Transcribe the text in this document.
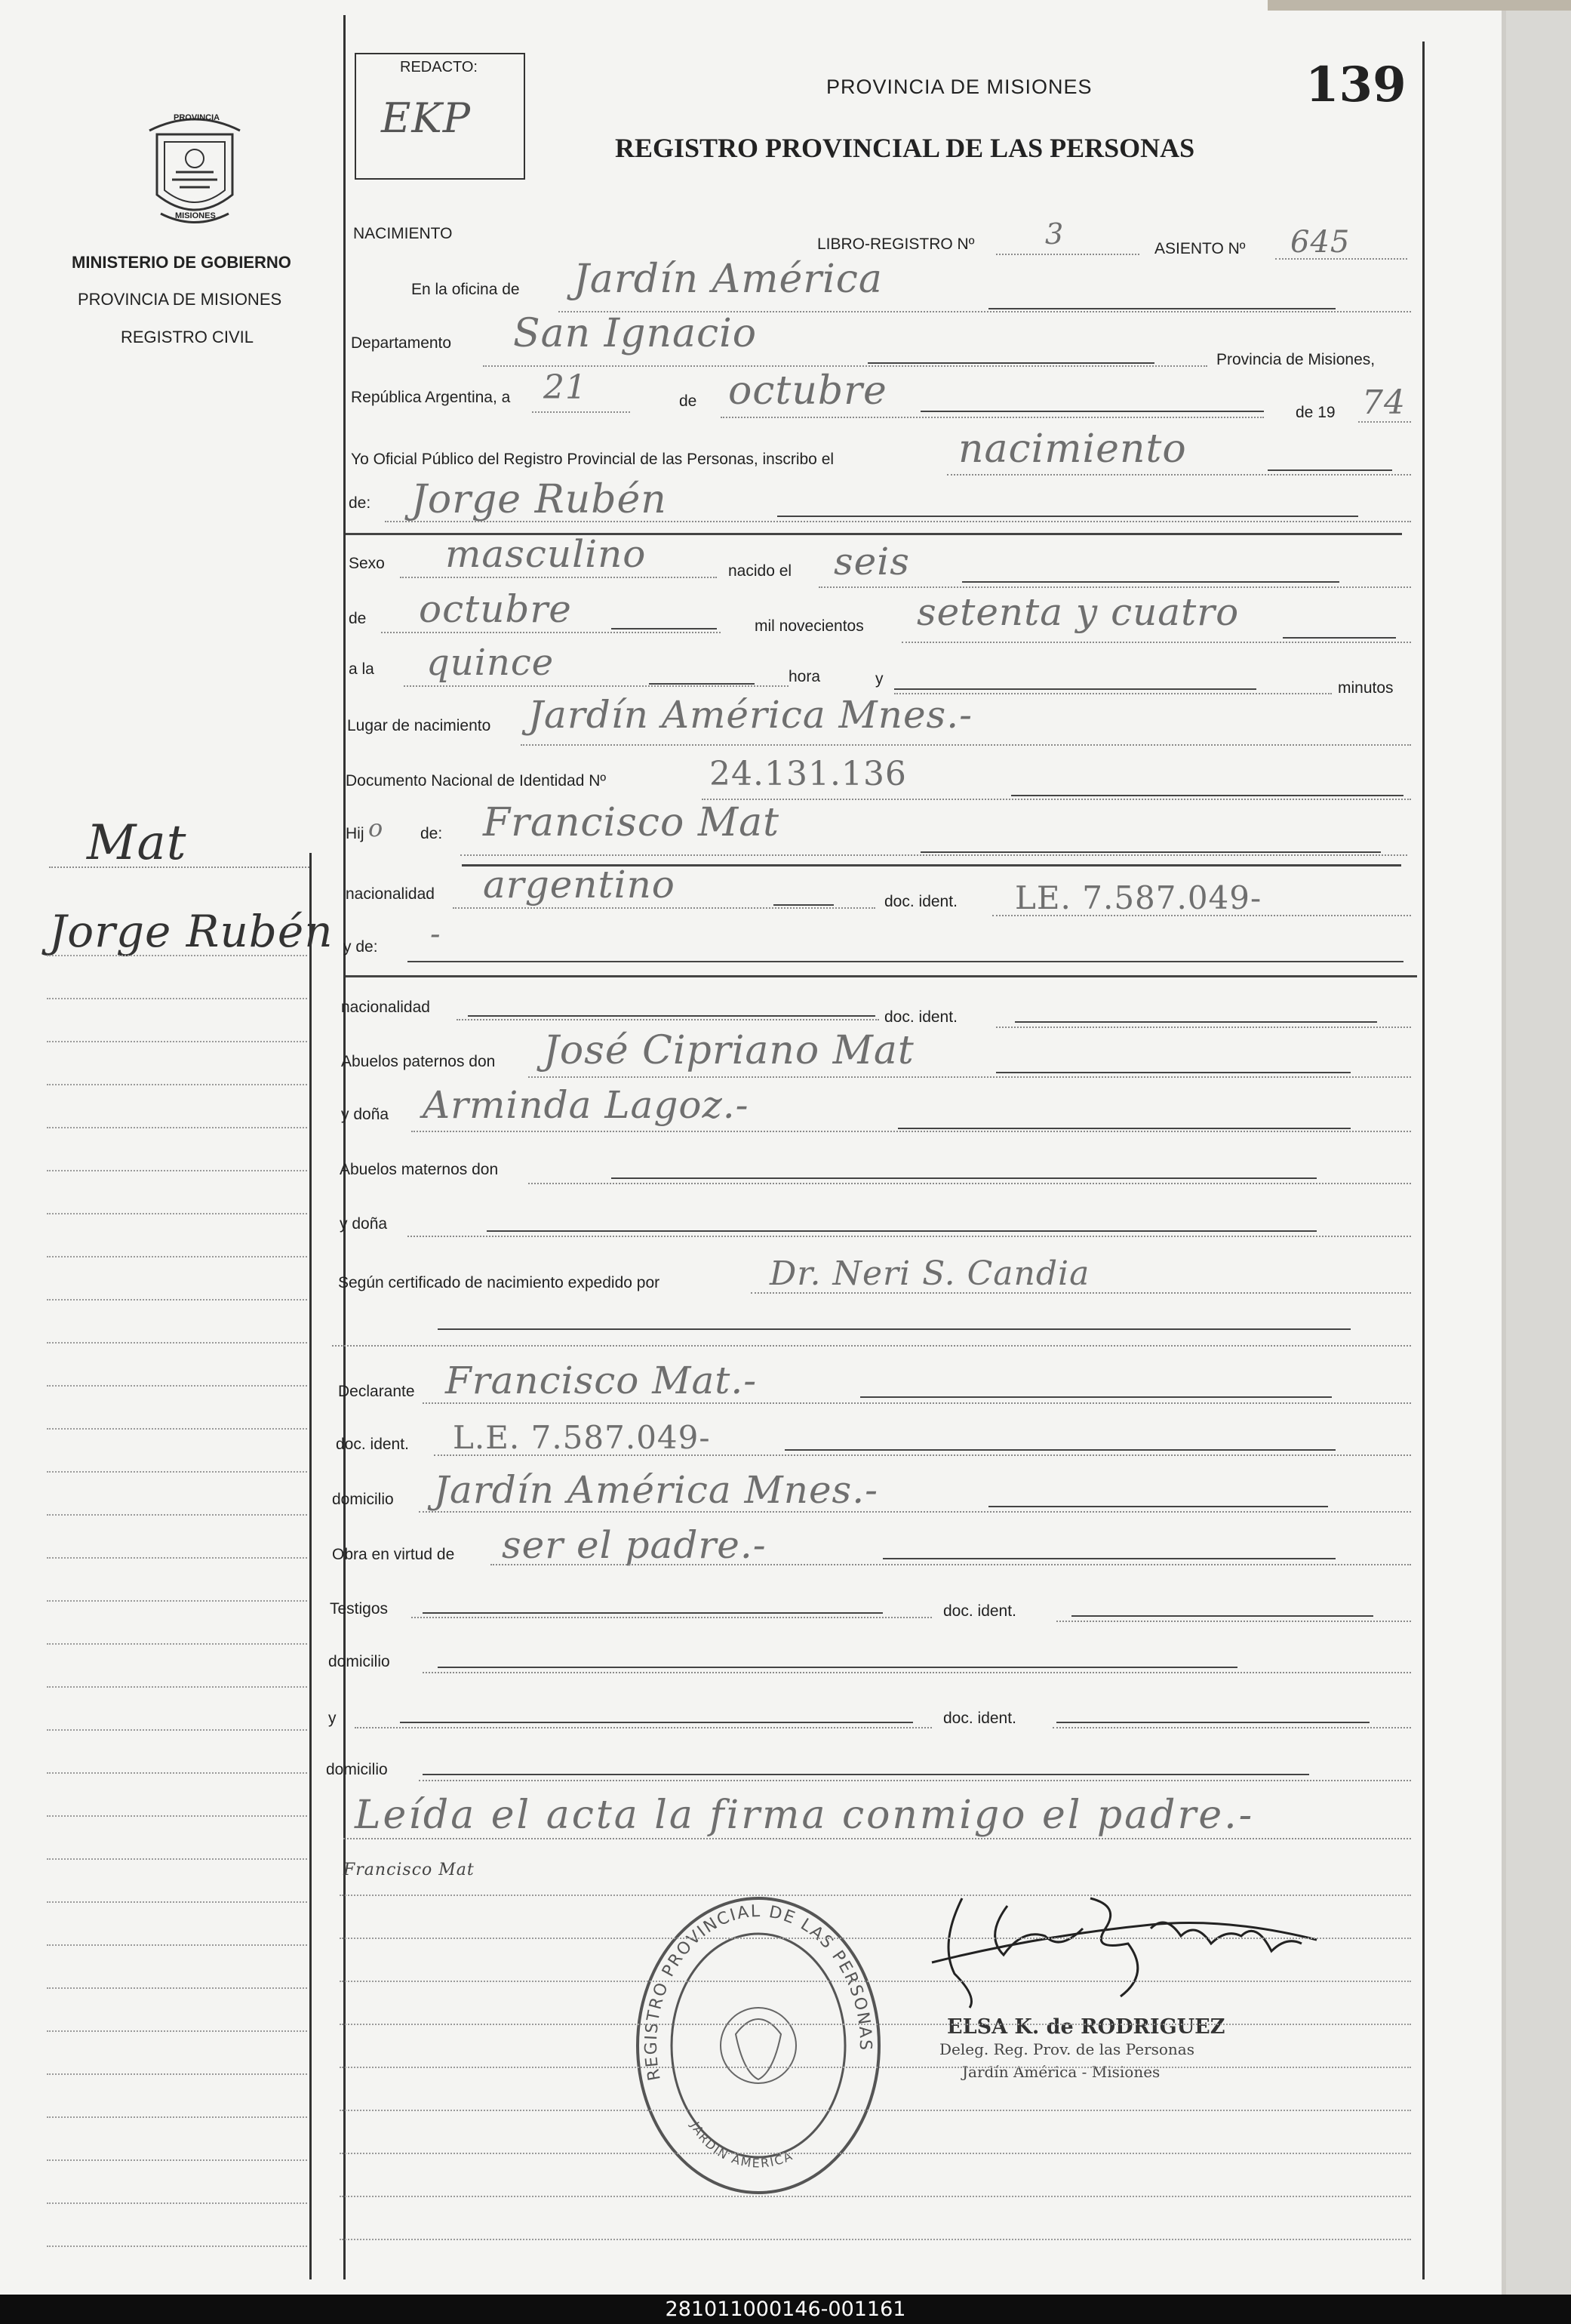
PROVINCIA
MISIONES
MINISTERIO DE GOBIERNO
PROVINCIA DE MISIONES
REGISTRO CIVIL
Mat
Jorge Rubén
REDACTO:
EKP
PROVINCIA DE MISIONES	139
REGISTRO PROVINCIAL DE LAS PERSONAS
NACIMIENTO
LIBRO-REGISTRO Nº 3	ASIENTO Nº 645
En la oficina de Jardín América
Departamento San Ignacio
Provincia de Misiones,
República Argentina, a 21	de octubre	de 19 74
Yo Oficial Público del Registro Provincial de las Personas, inscribo el	nacimiento
de: Jorge Rubén
Sexo masculino	nacido el seis
de octubre	mil novecientos setenta y cuatro
a la quince	hora	y
minutos
Lugar de nacimiento Jardín América Mnes.-
Documento Nacional de Identidad Nº	24.131.136
Hij o de: Francisco Mat
nacionalidad argentino	doc. ident. LE. 7.587.049-
y de: -
nacionalidad
doc. ident.
Abuelos paternos don José Cipriano Mat
y doña Arminda Lagoz.-
Abuelos maternos don
y doña
Según certificado de nacimiento expedido por	Dr. Neri S. Candia
Declarante Francisco Mat.-
doc. ident. L.E. 7.587.049-
domicilio Jardín América Mnes.-
Obra en virtud de ser el padre.-
Testigos	doc. ident.
domicilio
y	doc. ident.
domicilio
Leída el acta la firma conmigo el padre.-
Francisco Mat
REGISTRO PROVINCIAL DE LAS PERSONAS
JARDIN AMERICA
ELSA K. de RODRIGUEZ
Deleg. Reg. Prov. de las Personas
Jardín América - Misiones
281011000146-001161
